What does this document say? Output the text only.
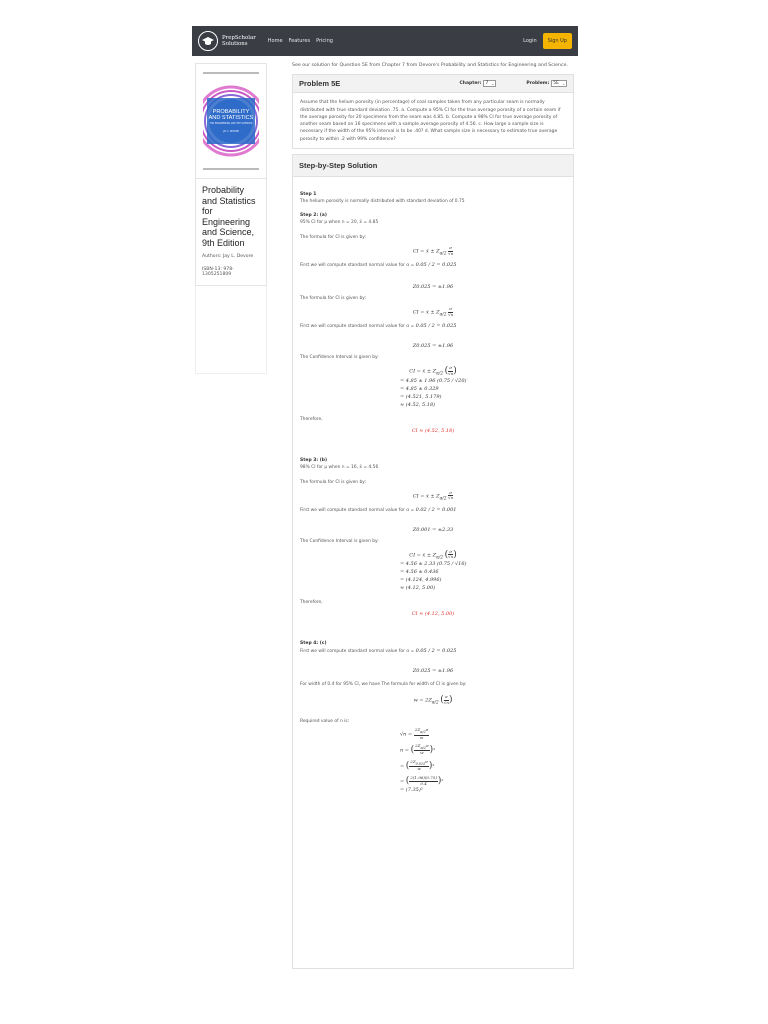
PrepScholar
Solutions	Home Features Pricing	Login	Sign Up
PROBABILITY
AND STATISTICS
FOR ENGINEERING AND THE SCIENCES
JAY L. DEVORE
Probability and Statistics for Engineering and Science, 9th Edition
Authors: Jay L. Devore
ISBN-13: 978-1305251809
See our solution for Question 5E from Chapter 7 from Devore's Probability and Statistics for Engineering and Science.
Problem 5E	Chapter: 7 ⌄	Problem: 5E ⌄
Assume that the helium porosity (in percentage) of coal samples taken from any particular seam is normally distributed with true standard deviation .75. a. Compute a 95% CI for the true average porosity of a certain seam if the average porosity for 20 specimens from the seam was 4.85. b. Compute a 98% CI for true average porosity of another seam based on 16 specimens with a sample average porosity of 4.56. c. How large a sample size is necessary if the width of the 95% interval is to be .40? d. What sample size is necessary to estimate true average porosity to within .2 with 99% confidence?
Step-by-Step Solution
Step 1
The helium porosity is normally distributed with standard deviation of 0.75
Step 2: (a)
95% CI for μ when n = 20, x̄ = 4.85
The formula for CI is given by:
CI = x̄ ± $Z_{\alpha/2} \frac{\sigma}{√n}$
First we will compute standard normal value for α = 0.05 / 2 = 0.025
Z0.025 = ±1.96
The formula for CI is given by:
CI = x̄ ± $Z_{\alpha/2} \frac{\sigma}{√n}$
First we will compute standard normal value for α = 0.05 / 2 = 0.025
Z0.025 = ±1.96
The Confidence Interval is given by:
CI = x̄ ± $Z_{\alpha/2}$ ( $\frac{\sigma}{√n}$ )
= 4.85 ± 1.96 (0.75 / √20)
= 4.85 ± 0.329
= (4.521, 5.179)
≈ (4.52, 5.18)
Therefore,
CI ≈ (4.52, 5.18)
Step 3: (b)
98% CI for μ when n = 16, x̄ = 4.56
The formula for CI is given by:
CI = x̄ ± $Z_{\alpha/2} \frac{\sigma}{√n}$
First we will compute standard normal value for α = 0.02 / 2 = 0.001
Z0.001 = ±2.33
The Confidence Interval is given by:
CI = x̄ ± $Z_{\alpha/2}$ ( $\frac{\sigma}{√n}$ )
= 4.56 ± 2.33 (0.75 / √16)
= 4.56 ± 0.436
= (4.124, 4.996)
≈ (4.12, 5.00)
Therefore,
CI ≈ (4.12, 5.00)
Step 4: (c)
First we will compute standard normal value for α = 0.05 / 2 = 0.025
Z0.025 = ±1.96
For width of 0.4 for 95% CI, we have The formula for width of CI is given by:
$w = 2Z_{\alpha/2}$ ( $\frac{\sigma}{√n}$ )
Required value of n is:
$√n = \frac{2Z_{\alpha/2}\sigma}{w}$
n = ( $\frac{2Z_{\alpha/2}\sigma}{w} )^2$
= ( $\frac{2Z_{0.025}\sigma}{w} )^2$
= ( $\frac{2(1.96)(0.75)}{0.4} )^2$
= (7.35)²
